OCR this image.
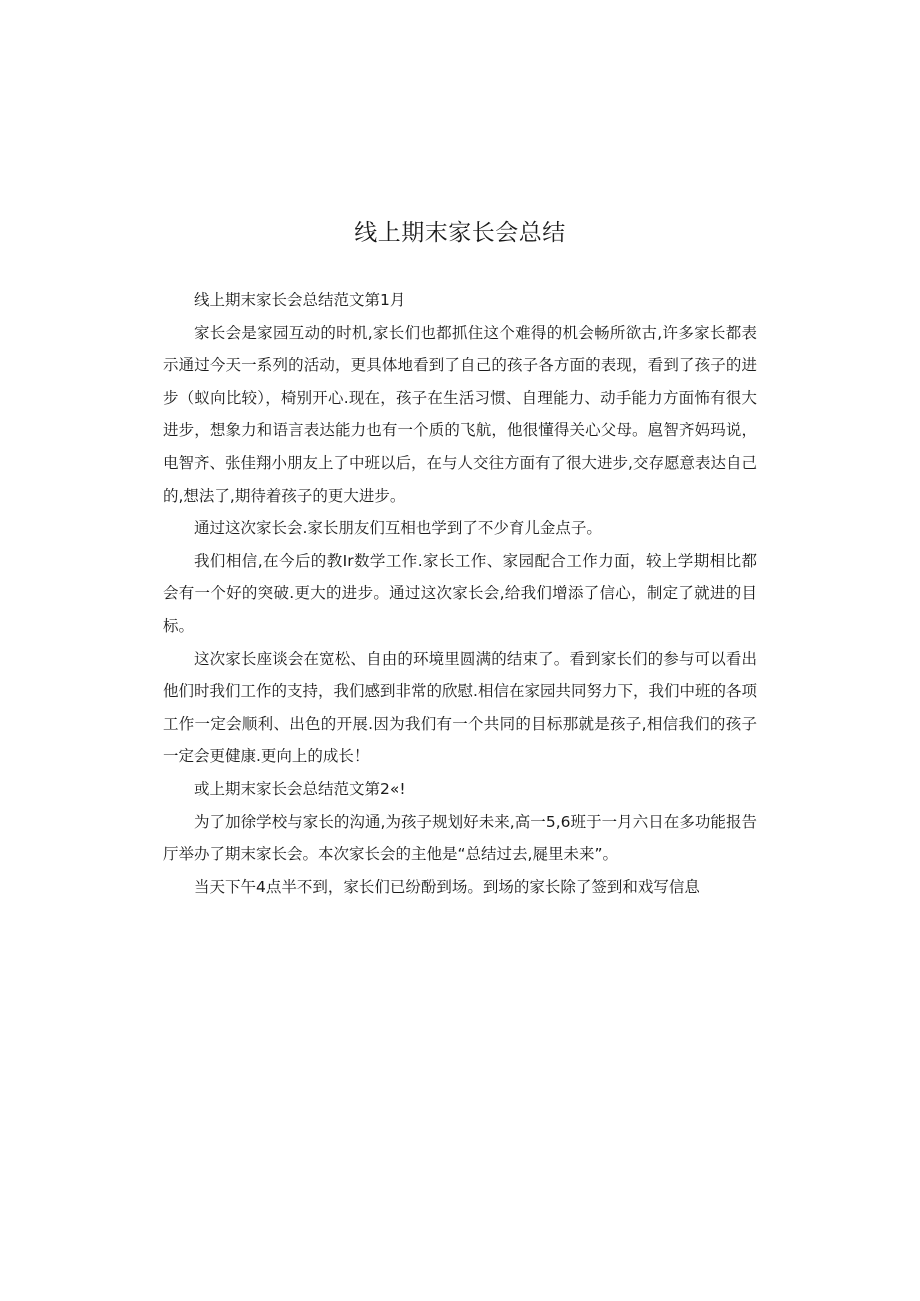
线上期末家长会总结

线上期末家长会总结范文第1月

家长会是家园互动的时机,家长们也都抓住这个难得的机会畅所欲古,许多家长都表示通过今天一系列的活动，更具体地看到了自己的孩子各方面的表现，看到了孩子的进步（蚁向比较），椅别开心.现在，孩子在生活习惯、自理能力、动手能力方面怖有很大进步，想象力和语言表达能力也有一个质的飞航，他很懂得关心父母。扈智齐妈玛说，电智齐、张佳翔小朋友上了中班以后，在与人交往方面有了很大进步,交存愿意表达自己的,想法了,期待着孩子的更大进步。

通过这次家长会.家长朋友们互相也学到了不少育儿金点子。

我们相信,在今后的教Ir数学工作.家长工作、家园配合工作力面，较上学期相比都会有一个好的突破.更大的进步。通过这次家长会,给我们增添了信心，制定了就进的目标。

这次家长座谈会在宽松、自由的环境里圆满的结束了。看到家长们的参与可以看出他们时我们工作的支持，我们感到非常的欣慰.相信在家园共同努力下，我们中班的各项工作一定会顺利、出色的开展.因为我们有一个共同的目标那就是孩子,相信我们的孩子一定会更健康.更向上的成长！

或上期末家长会总结范文第2«!

为了加徐学校与家长的沟通,为孩子规划好未来,高一5,6班于一月六日在多功能报告厅举办了期末家长会。本次家长会的主他是“总结过去,屣里未来”。

当天下午4点半不到，家长们已纷酚到场。到场的家长除了签到和戏写信息
